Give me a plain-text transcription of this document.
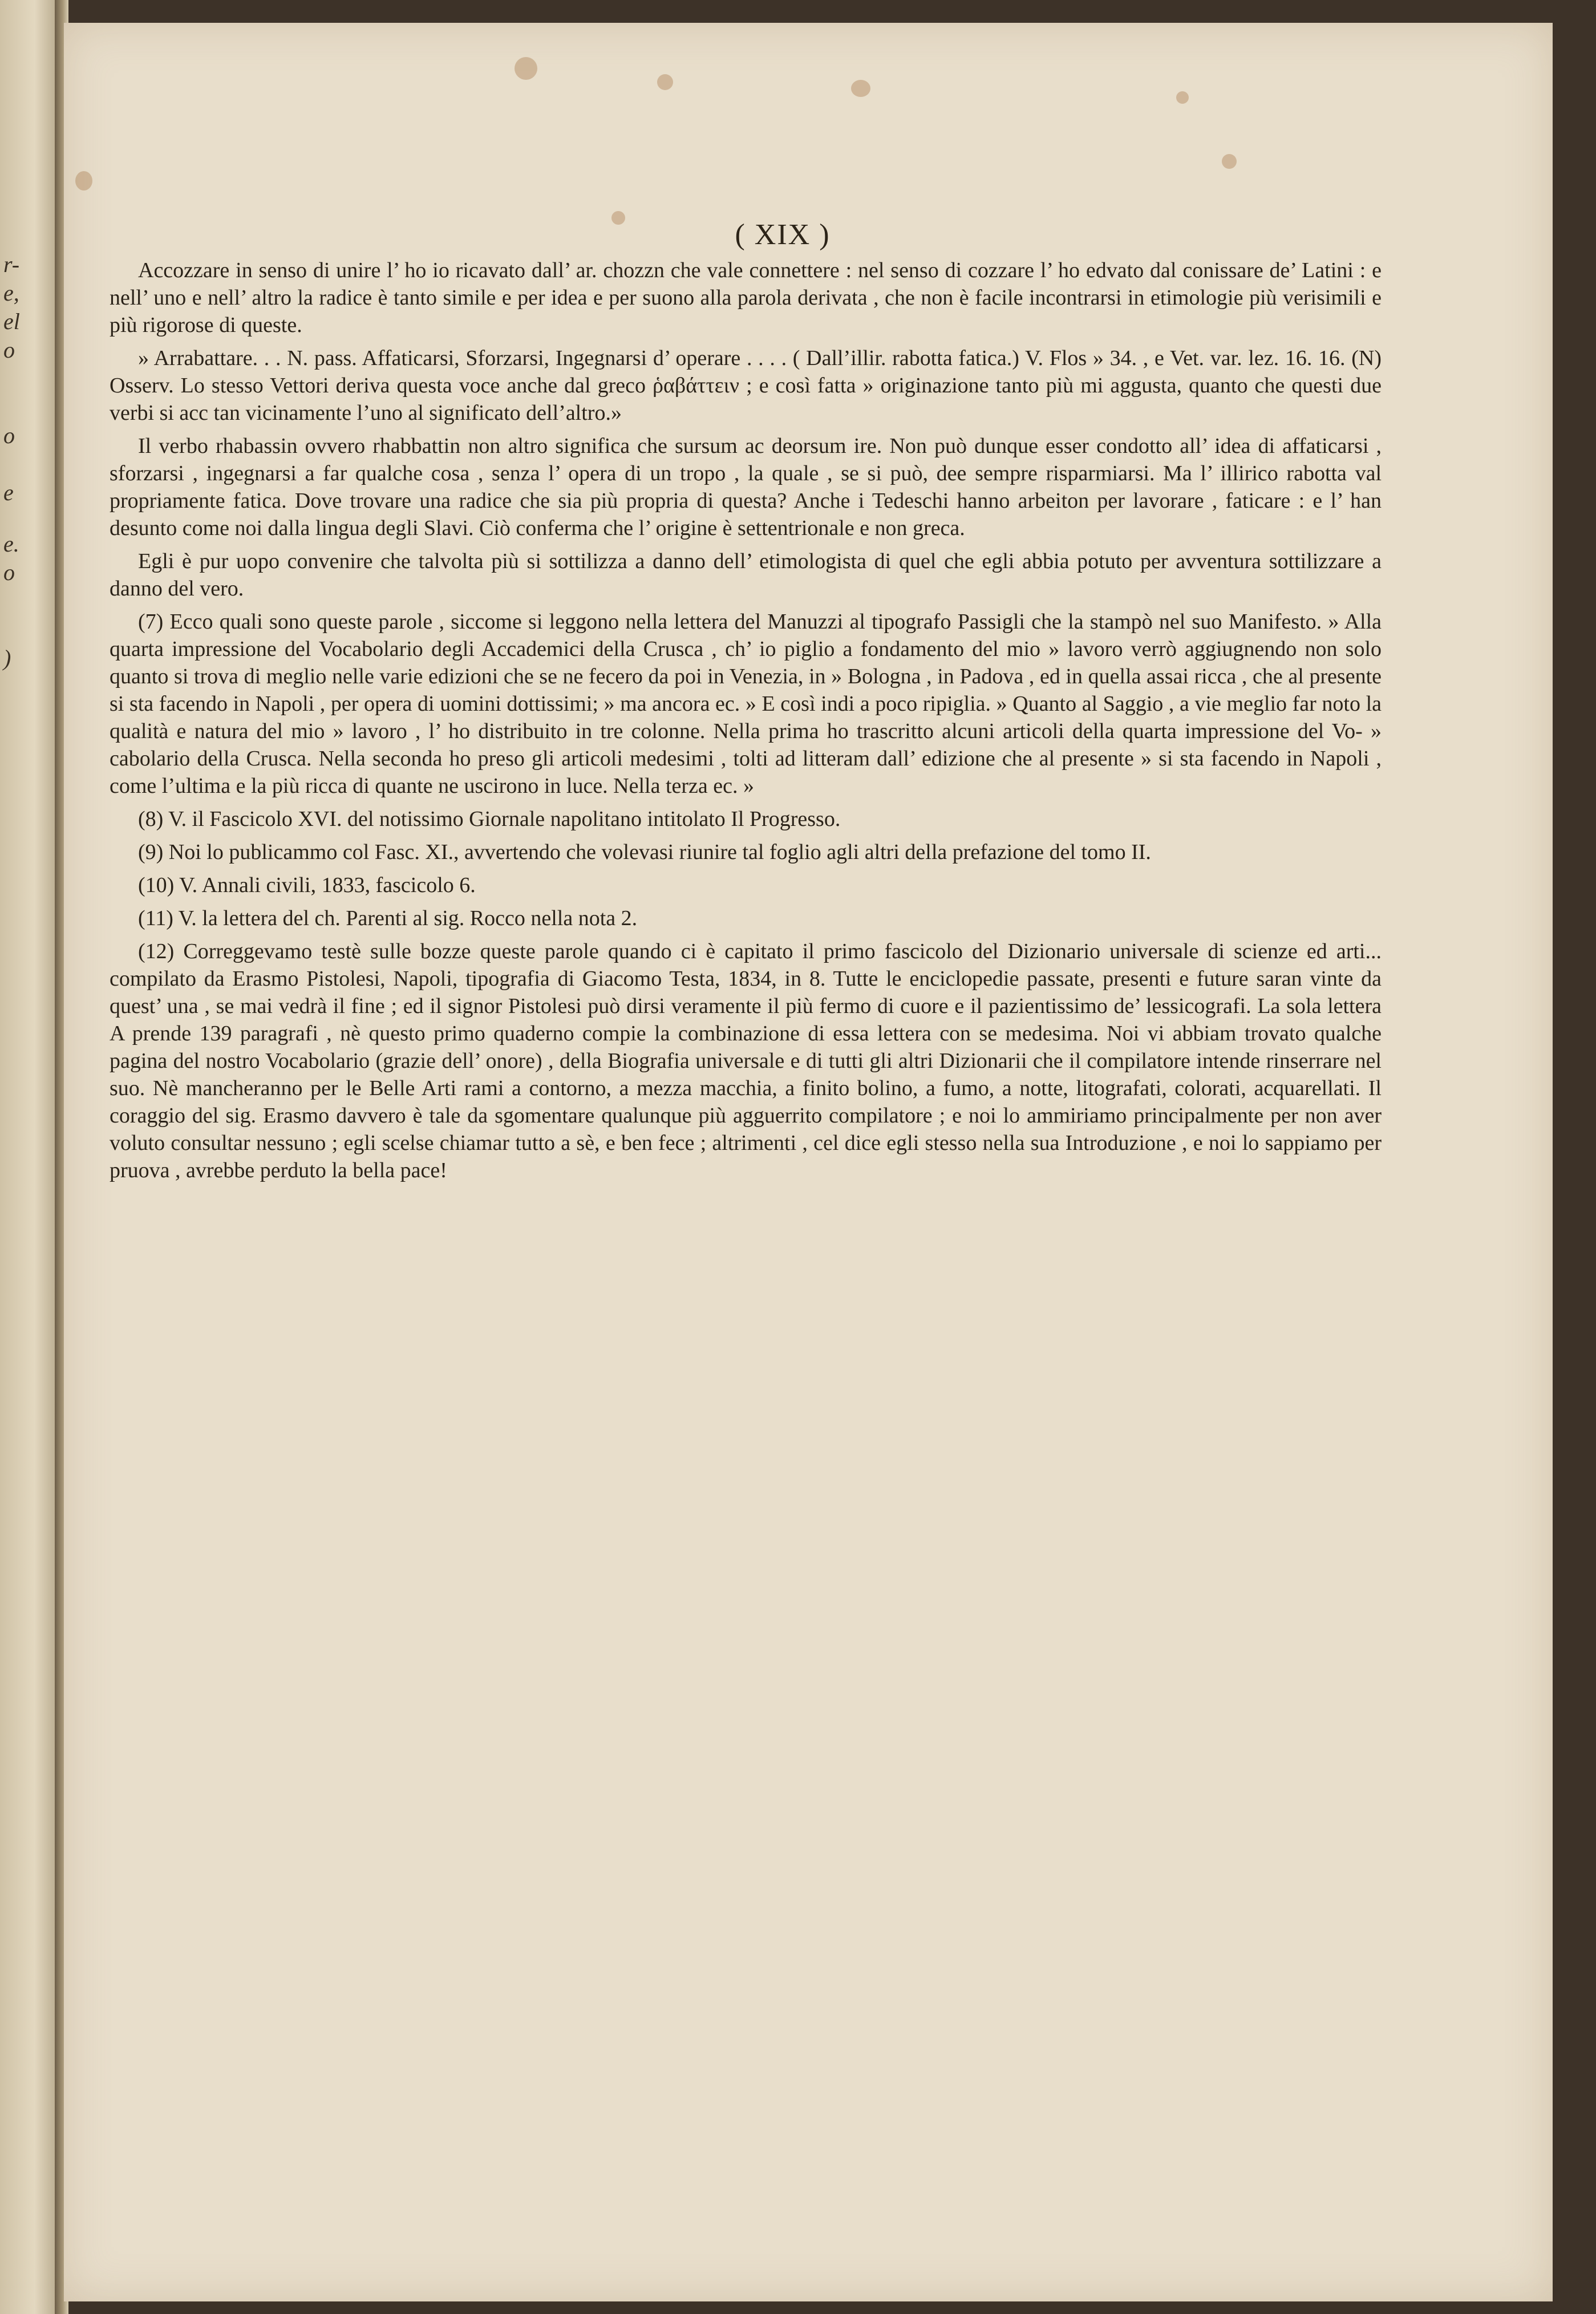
r-
e,
el
o
o
e
e.
o
)
( XIX )

Accozzare in senso di unire l’ ho io ricavato dall’ ar. chozzn che vale connettere : nel senso di cozzare l’ ho edvato dal conissare de’ Latini : e nell’ uno e nell’ altro la radice è tanto simile e per idea e per suono alla parola derivata , che non è facile incontrarsi in etimologie più verisimili e più rigorose di queste.

» Arrabattare. . . N. pass. Affaticarsi, Sforzarsi, Ingegnarsi d’ operare . . . . ( Dall’illir. rabotta fatica.) V. Flos » 34. , e Vet. var. lez. 16. 16. (N) Osserv. Lo stesso Vettori deriva questa voce anche dal greco ῥαβάττειν ; e così fatta » originazione tanto più mi aggusta, quanto che questi due verbi si acc tan vicinamente l’uno al significato dell’altro.»

Il verbo rhabassin ovvero rhabbattin non altro significa che sursum ac deorsum ire. Non può dunque esser condotto all’ idea di affaticarsi , sforzarsi , ingegnarsi a far qualche cosa , senza l’ opera di un tropo , la quale , se si può, dee sempre risparmiarsi. Ma l’ illirico rabotta val propriamente fatica. Dove trovare una radice che sia più propria di questa? Anche i Tedeschi hanno arbeiton per lavorare , faticare : e l’ han desunto come noi dalla lingua degli Slavi. Ciò conferma che l’ origine è settentrionale e non greca.

Egli è pur uopo convenire che talvolta più si sottilizza a danno dell’ etimologista di quel che egli abbia potuto per avventura sottilizzare a danno del vero.

(7) Ecco quali sono queste parole , siccome si leggono nella lettera del Manuzzi al tipografo Passigli che la stampò nel suo Manifesto. » Alla quarta impressione del Vocabolario degli Accademici della Crusca , ch’ io piglio a fondamento del mio » lavoro verrò aggiugnendo non solo quanto si trova di meglio nelle varie edizioni che se ne fecero da poi in Venezia, in » Bologna , in Padova , ed in quella assai ricca , che al presente si sta facendo in Napoli , per opera di uomini dottissimi; » ma ancora ec. » E così indi a poco ripiglia. » Quanto al Saggio , a vie meglio far noto la qualità e natura del mio » lavoro , l’ ho distribuito in tre colonne. Nella prima ho trascritto alcuni articoli della quarta impressione del Vo- » cabolario della Crusca. Nella seconda ho preso gli articoli medesimi , tolti ad litteram dall’ edizione che al presente » si sta facendo in Napoli , come l’ultima e la più ricca di quante ne uscirono in luce. Nella terza ec. »

(8) V. il Fascicolo XVI. del notissimo Giornale napolitano intitolato Il Progresso.

(9) Noi lo publicammo col Fasc. XI., avvertendo che volevasi riunire tal foglio agli altri della prefazione del tomo II.

(10) V. Annali civili, 1833, fascicolo 6.

(11) V. la lettera del ch. Parenti al sig. Rocco nella nota 2.

(12) Correggevamo testè sulle bozze queste parole quando ci è capitato il primo fascicolo del Dizionario universale di scienze ed arti... compilato da Erasmo Pistolesi, Napoli, tipografia di Giacomo Testa, 1834, in 8. Tutte le enciclopedie passate, presenti e future saran vinte da quest’ una , se mai vedrà il fine ; ed il signor Pistolesi può dirsi veramente il più fermo di cuore e il pazientissimo de’ lessicografi. La sola lettera A prende 139 paragrafi , nè questo primo quaderno compie la combinazione di essa lettera con se medesima. Noi vi abbiam trovato qualche pagina del nostro Vocabolario (grazie dell’ onore) , della Biografia universale e di tutti gli altri Dizionarii che il compilatore intende rinserrare nel suo. Nè mancheranno per le Belle Arti rami a contorno, a mezza macchia, a finito bolino, a fumo, a notte, litografati, colorati, acquarellati. Il coraggio del sig. Erasmo davvero è tale da sgomentare qualunque più agguerrito compilatore ; e noi lo ammiriamo principalmente per non aver voluto consultar nessuno ; egli scelse chiamar tutto a sè, e ben fece ; altrimenti , cel dice egli stesso nella sua Introduzione , e noi lo sappiamo per pruova , avrebbe perduto la bella pace!
